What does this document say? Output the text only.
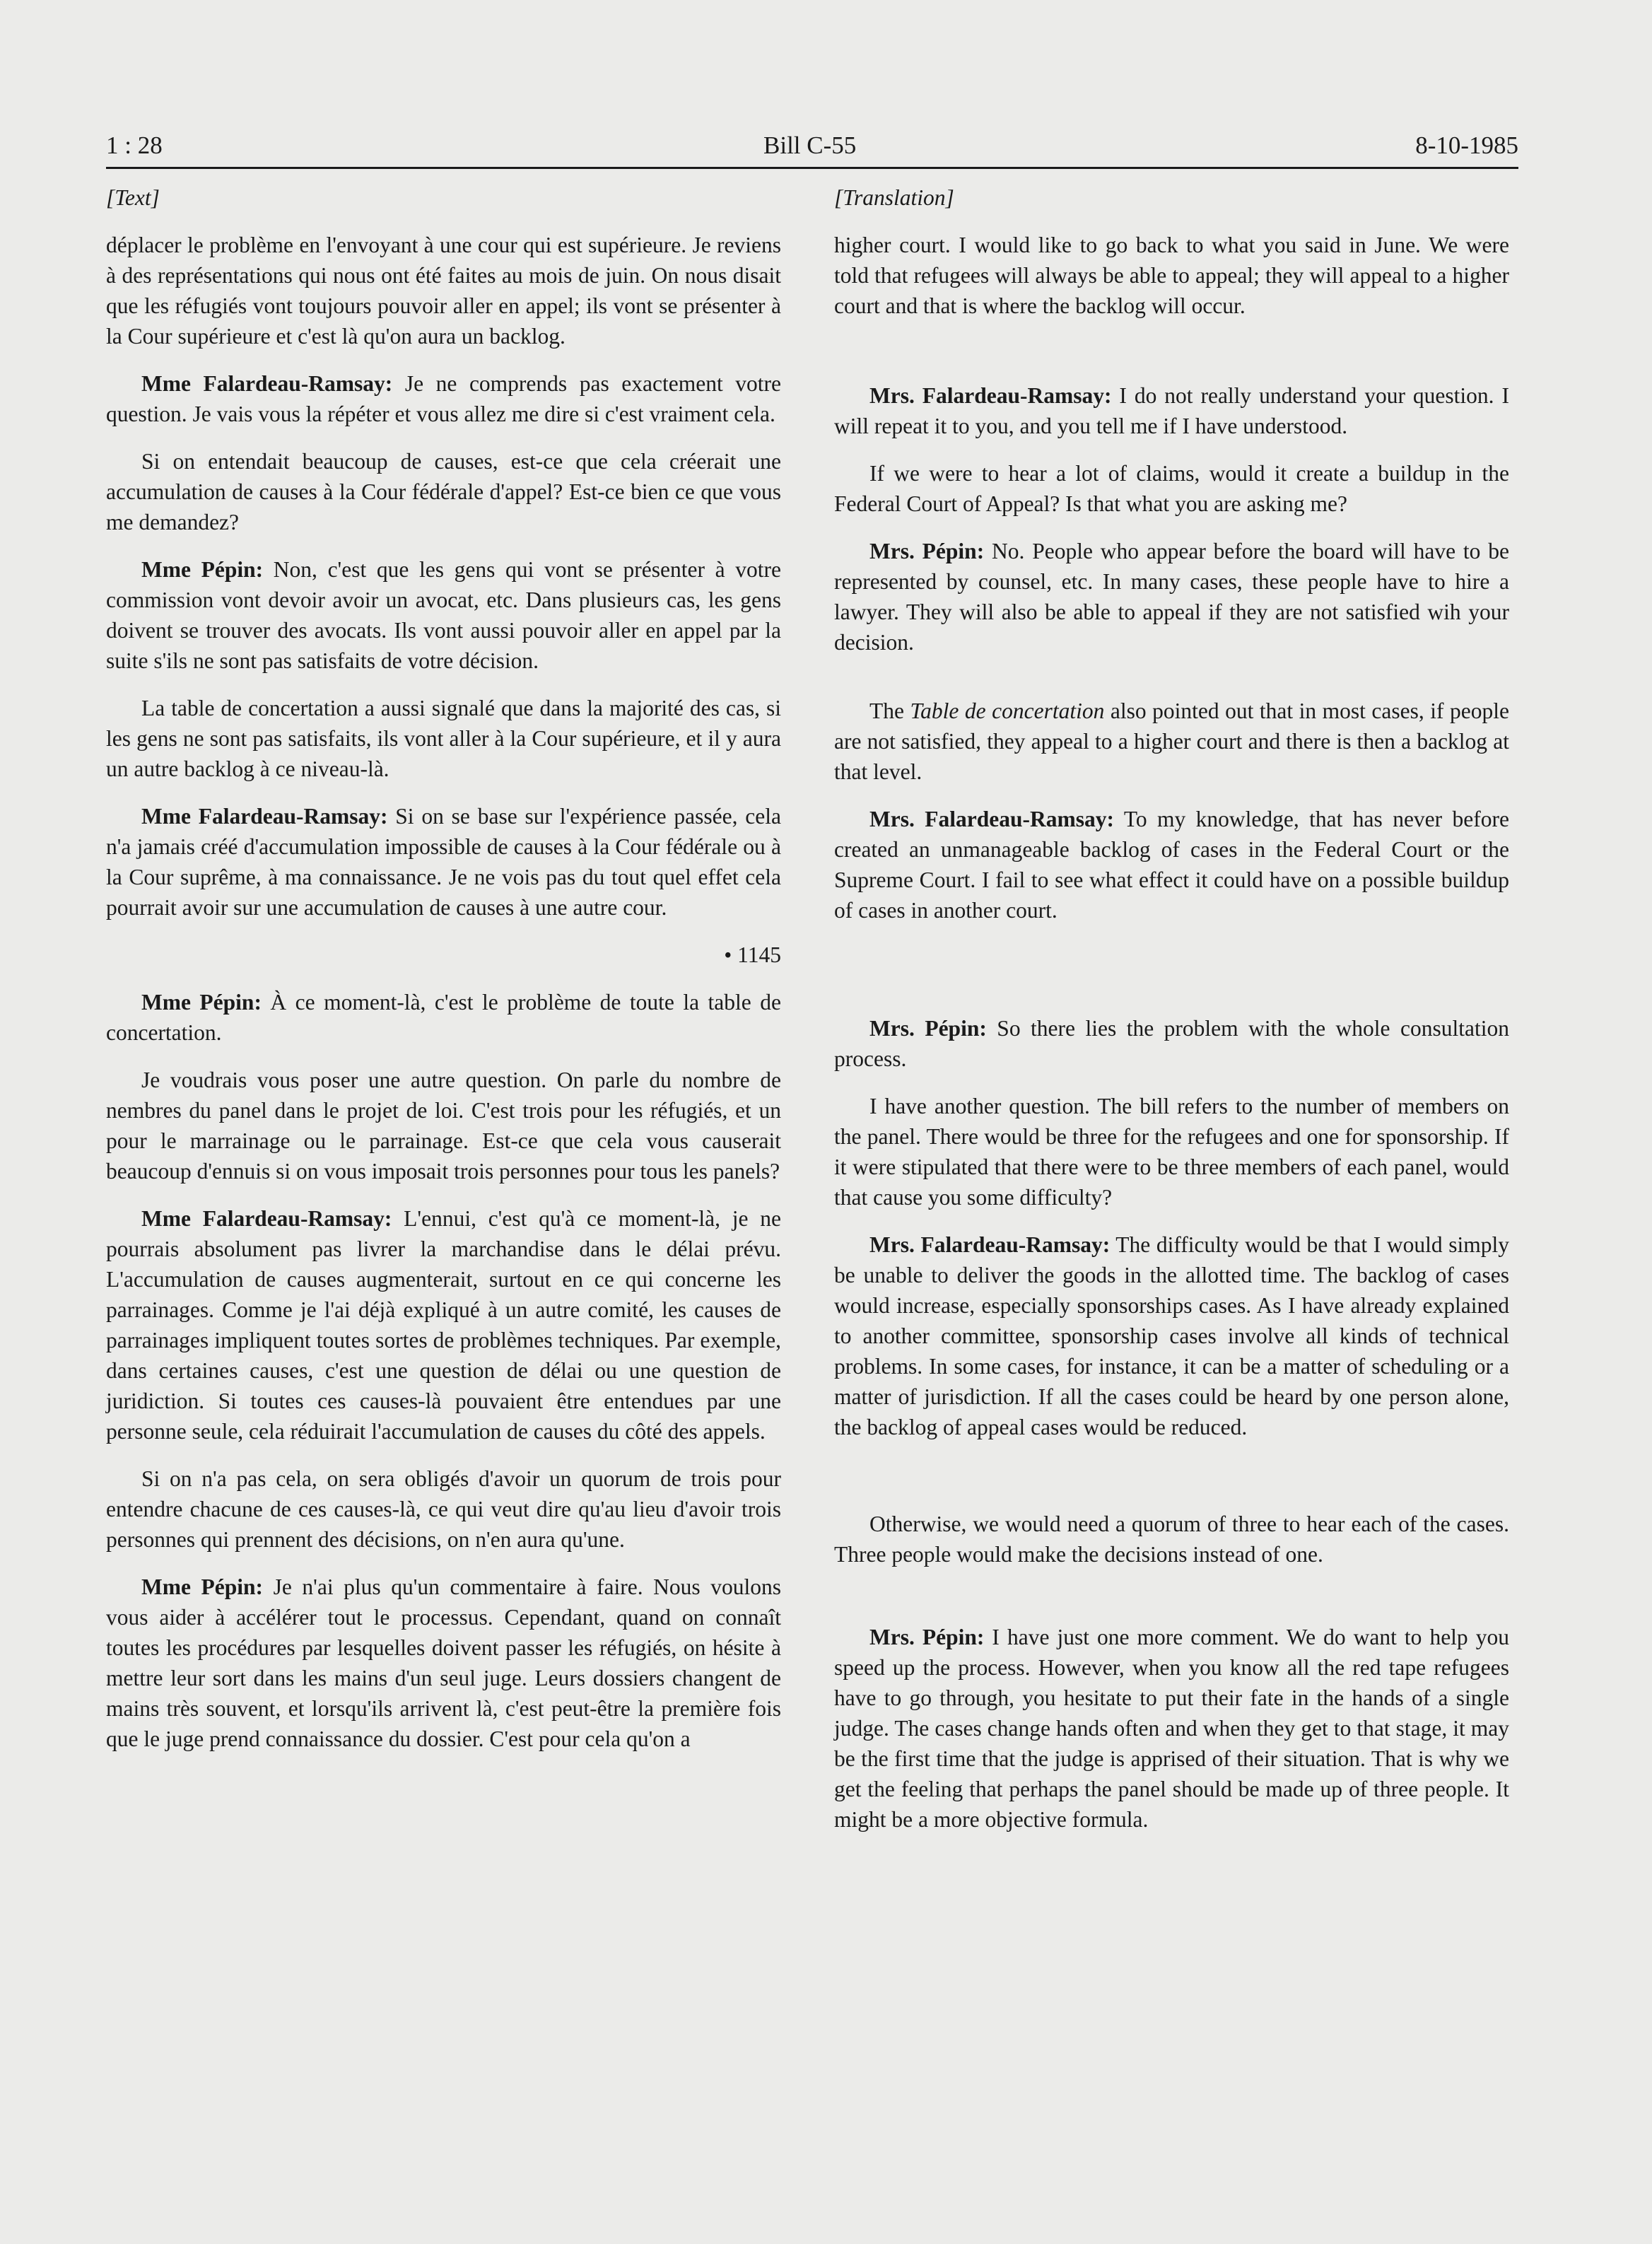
1 : 28	Bill C-55	8-10-1985

[Text]

déplacer le problème en l'envoyant à une cour qui est supérieure. Je reviens à des représentations qui nous ont été faites au mois de juin. On nous disait que les réfugiés vont toujours pouvoir aller en appel; ils vont se présenter à la Cour supérieure et c'est là qu'on aura un backlog.

Mme Falardeau-Ramsay: Je ne comprends pas exactement votre question. Je vais vous la répéter et vous allez me dire si c'est vraiment cela.

Si on entendait beaucoup de causes, est-ce que cela créerait une accumulation de causes à la Cour fédérale d'appel? Est-ce bien ce que vous me demandez?

Mme Pépin: Non, c'est que les gens qui vont se présenter à votre commission vont devoir avoir un avocat, etc. Dans plusieurs cas, les gens doivent se trouver des avocats. Ils vont aussi pouvoir aller en appel par la suite s'ils ne sont pas satisfaits de votre décision.

La table de concertation a aussi signalé que dans la majorité des cas, si les gens ne sont pas satisfaits, ils vont aller à la Cour supérieure, et il y aura un autre backlog à ce niveau-là.

Mme Falardeau-Ramsay: Si on se base sur l'expérience passée, cela n'a jamais créé d'accumulation impossible de causes à la Cour fédérale ou à la Cour suprême, à ma connaissance. Je ne vois pas du tout quel effet cela pourrait avoir sur une accumulation de causes à une autre cour.

• 1145

Mme Pépin: À ce moment-là, c'est le problème de toute la table de concertation.

Je voudrais vous poser une autre question. On parle du nombre de nembres du panel dans le projet de loi. C'est trois pour les réfugiés, et un pour le marrainage ou le parrainage. Est-ce que cela vous causerait beaucoup d'ennuis si on vous imposait trois personnes pour tous les panels?

Mme Falardeau-Ramsay: L'ennui, c'est qu'à ce moment-là, je ne pourrais absolument pas livrer la marchandise dans le délai prévu. L'accumulation de causes augmenterait, surtout en ce qui concerne les parrainages. Comme je l'ai déjà expliqué à un autre comité, les causes de parrainages impliquent toutes sortes de problèmes techniques. Par exemple, dans certaines causes, c'est une question de délai ou une question de juridiction. Si toutes ces causes-là pouvaient être entendues par une personne seule, cela réduirait l'accumulation de causes du côté des appels.

Si on n'a pas cela, on sera obligés d'avoir un quorum de trois pour entendre chacune de ces causes-là, ce qui veut dire qu'au lieu d'avoir trois personnes qui prennent des décisions, on n'en aura qu'une.

Mme Pépin: Je n'ai plus qu'un commentaire à faire. Nous voulons vous aider à accélérer tout le processus. Cependant, quand on connaît toutes les procédures par lesquelles doivent passer les réfugiés, on hésite à mettre leur sort dans les mains d'un seul juge. Leurs dossiers changent de mains très souvent, et lorsqu'ils arrivent là, c'est peut-être la première fois que le juge prend connaissance du dossier. C'est pour cela qu'on a

[Translation]

higher court. I would like to go back to what you said in June. We were told that refugees will always be able to appeal; they will appeal to a higher court and that is where the backlog will occur.

Mrs. Falardeau-Ramsay: I do not really understand your question. I will repeat it to you, and you tell me if I have understood.

If we were to hear a lot of claims, would it create a buildup in the Federal Court of Appeal? Is that what you are asking me?

Mrs. Pépin: No. People who appear before the board will have to be represented by counsel, etc. In many cases, these people have to hire a lawyer. They will also be able to appeal if they are not satisfied wih your decision.

The Table de concertation also pointed out that in most cases, if people are not satisfied, they appeal to a higher court and there is then a backlog at that level.

Mrs. Falardeau-Ramsay: To my knowledge, that has never before created an unmanageable backlog of cases in the Federal Court or the Supreme Court. I fail to see what effect it could have on a possible buildup of cases in another court.

Mrs. Pépin: So there lies the problem with the whole consultation process.

I have another question. The bill refers to the number of members on the panel. There would be three for the refugees and one for sponsorship. If it were stipulated that there were to be three members of each panel, would that cause you some difficulty?

Mrs. Falardeau-Ramsay: The difficulty would be that I would simply be unable to deliver the goods in the allotted time. The backlog of cases would increase, especially sponsorships cases. As I have already explained to another committee, sponsorship cases involve all kinds of technical problems. In some cases, for instance, it can be a matter of scheduling or a matter of jurisdiction. If all the cases could be heard by one person alone, the backlog of appeal cases would be reduced.

Otherwise, we would need a quorum of three to hear each of the cases. Three people would make the decisions instead of one.

Mrs. Pépin: I have just one more comment. We do want to help you speed up the process. However, when you know all the red tape refugees have to go through, you hesitate to put their fate in the hands of a single judge. The cases change hands often and when they get to that stage, it may be the first time that the judge is apprised of their situation. That is why we get the feeling that perhaps the panel should be made up of three people. It might be a more objective formula.
